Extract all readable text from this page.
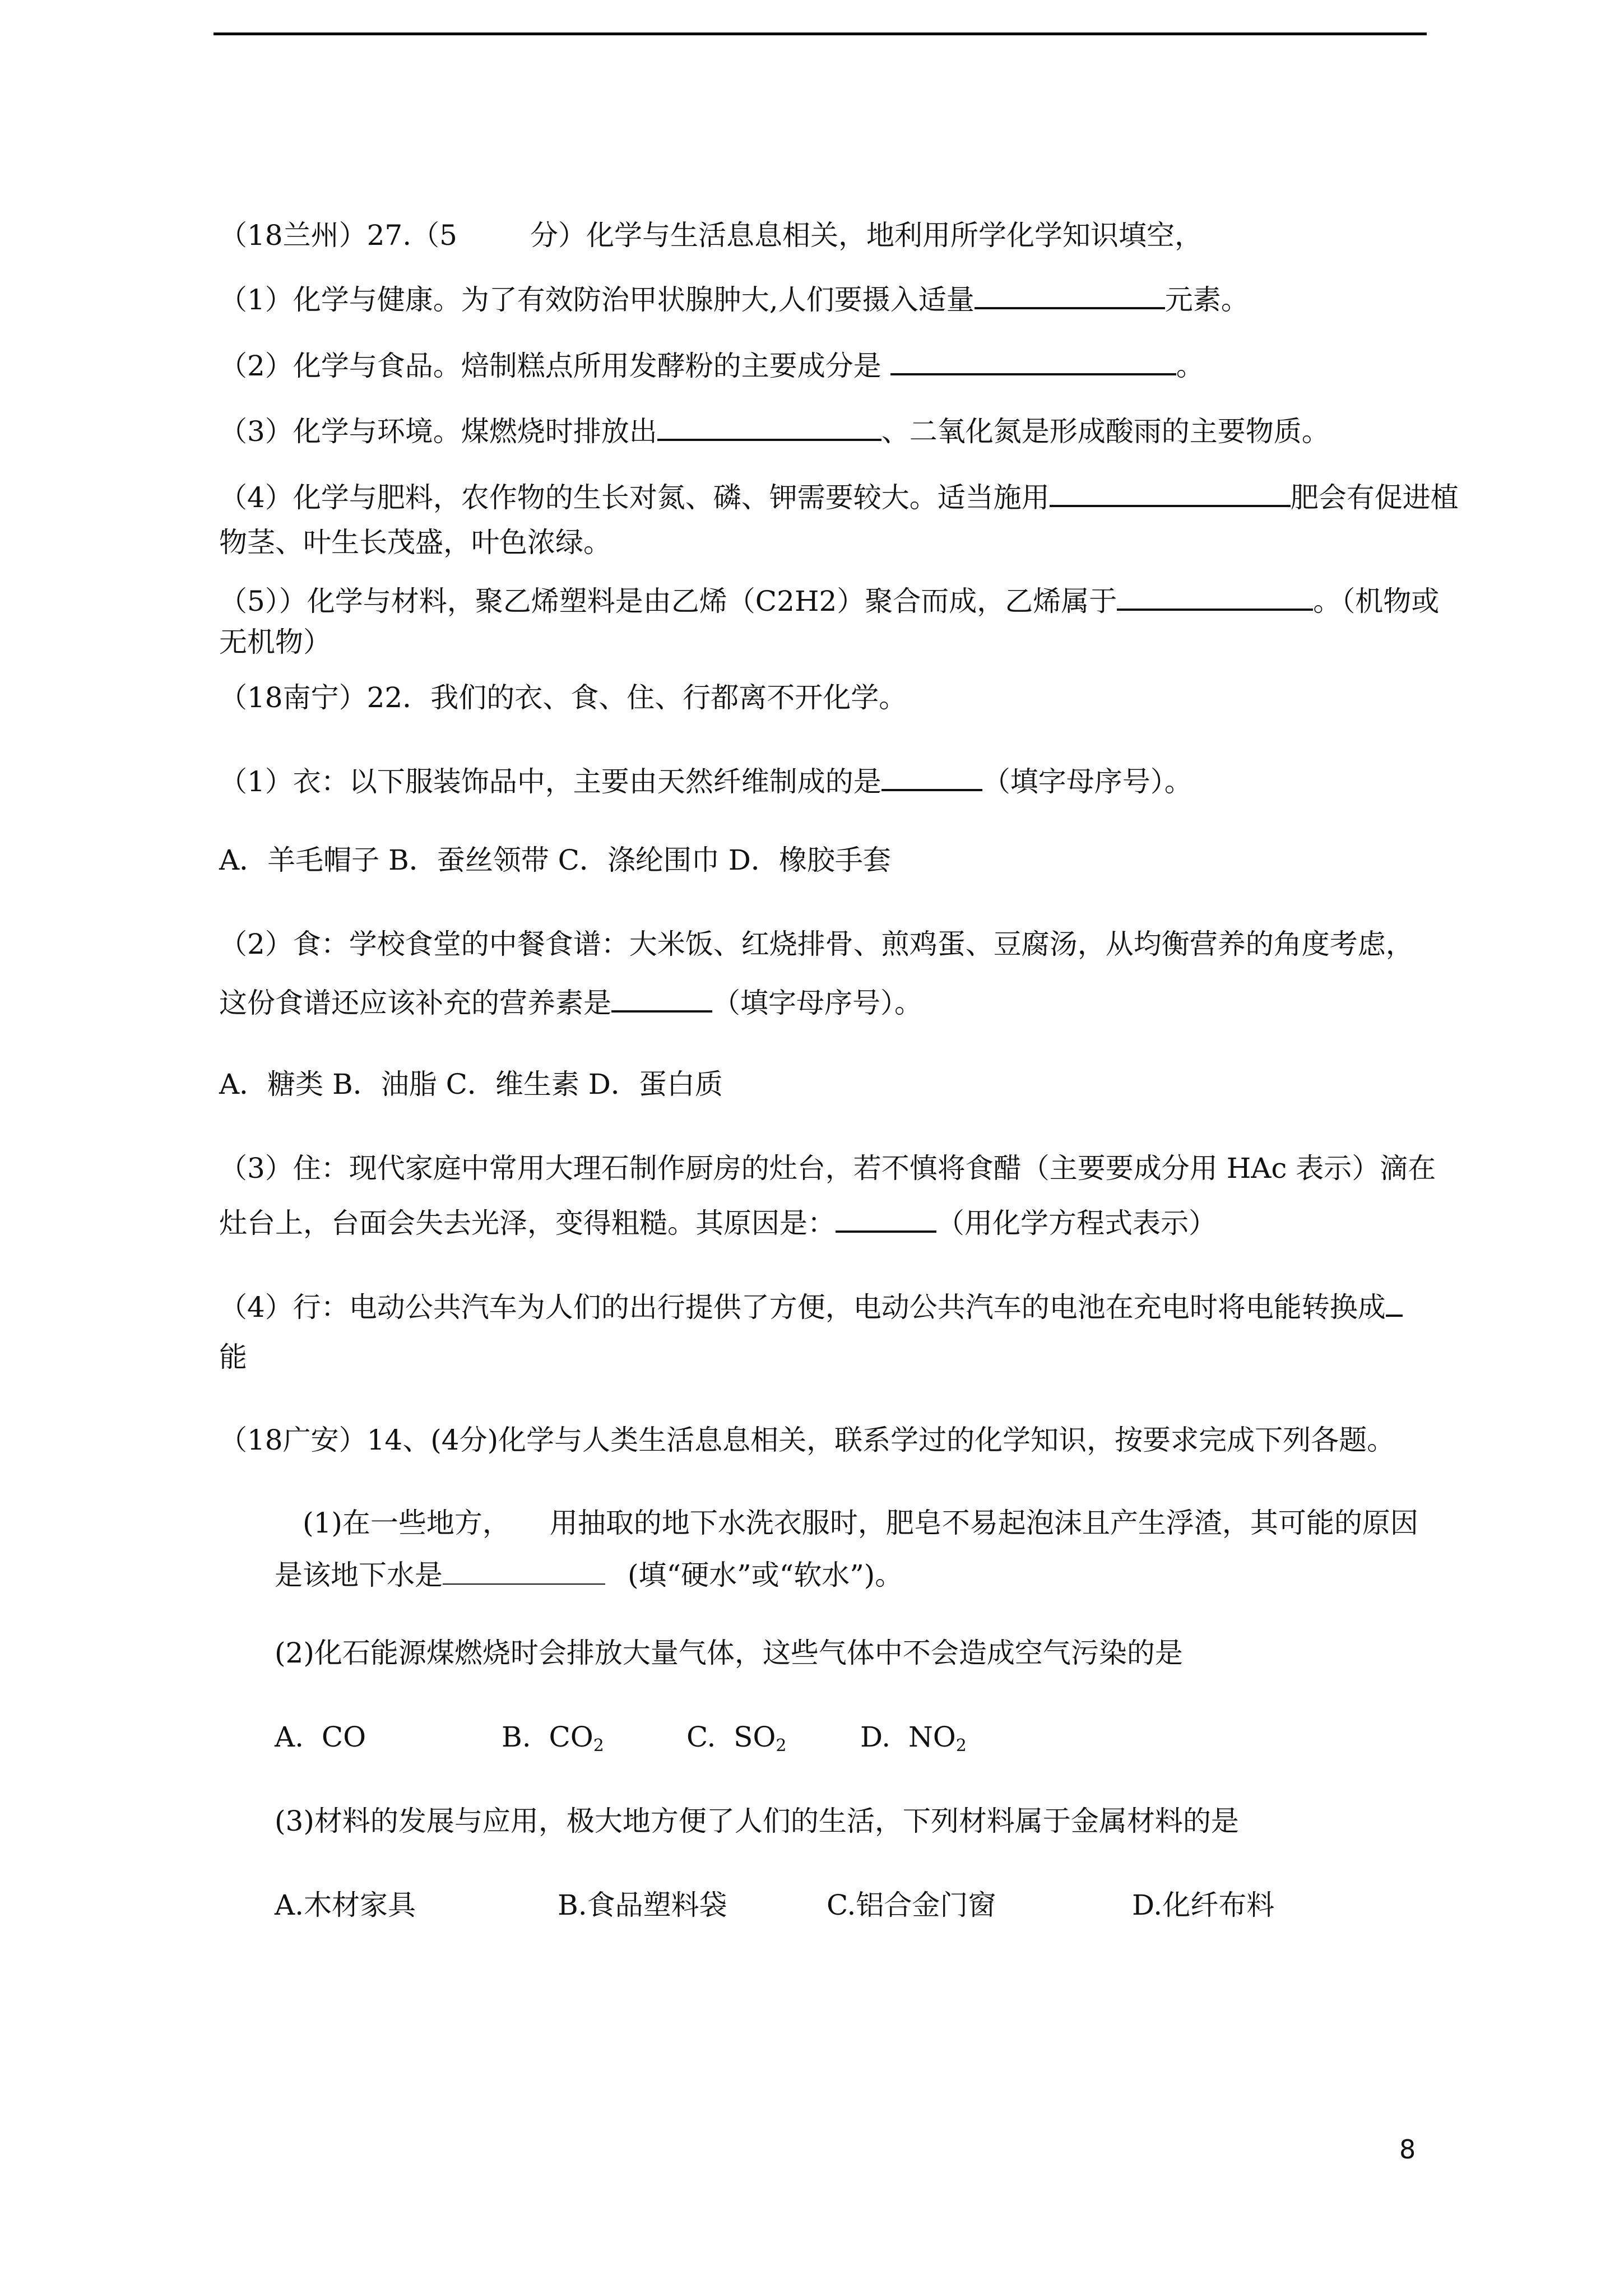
（18兰州）27.（5	分）化学与生活息息相关，地利用所学化学知识填空，
（1）化学与健康。为了有效防治甲状腺肿大,人们要摄入适量	元素。
（2）化学与食品。焙制糕点所用发酵粉的主要成分是	。
（3）化学与环境。煤燃烧时排放出	、二氧化氮是形成酸雨的主要物质。
（4）化学与肥料，农作物的生长对氮、磷、钾需要较大。适当施用	肥会有促进植
物茎、叶生长茂盛，叶色浓绿。
（5））化学与材料，聚乙烯塑料是由乙烯（C2H2）聚合而成，乙烯属于	。（机物或
无机物）
（18南宁）22．我们的衣、食、住、行都离不开化学。
（1）衣：以下服装饰品中，主要由天然纤维制成的是	（填字母序号）。
A．羊毛帽子 B．蚕丝领带 C．涤纶围巾 D．橡胶手套
（2）食：学校食堂的中餐食谱：大米饭、红烧排骨、煎鸡蛋、豆腐汤，从均衡营养的角度考虑，
这份食谱还应该补充的营养素是	（填字母序号）。
A．糖类 B．油脂 C．维生素 D．蛋白质
（3）住：现代家庭中常用大理石制作厨房的灶台，若不慎将食醋（主要要成分用 HAc 表示）滴在
灶台上，台面会失去光泽，变得粗糙。其原因是：	（用化学方程式表示）
（4）行：电动公共汽车为人们的出行提供了方便，电动公共汽车的电池在充电时将电能转换成
能
（18广安）14、(4分)化学与人类生活息息相关，联系学过的化学知识，按要求完成下列各题。
(1)在一些地方， 用抽取的地下水洗衣服时，肥皂不易起泡沫且产生浮渣，其可能的原因
是该地下水是	(填“硬水”或“软水”)。
(2)化石能源煤燃烧时会排放大量气体，这些气体中不会造成空气污染的是
A. CO	B. $CO_2$	C. $SO_2$	D. $NO_2$
(3)材料的发展与应用，极大地方便了人们的生活，下列材料属于金属材料的是
A.木材家具	B.食品塑料袋	C.铝合金门窗	D.化纤布料
8
